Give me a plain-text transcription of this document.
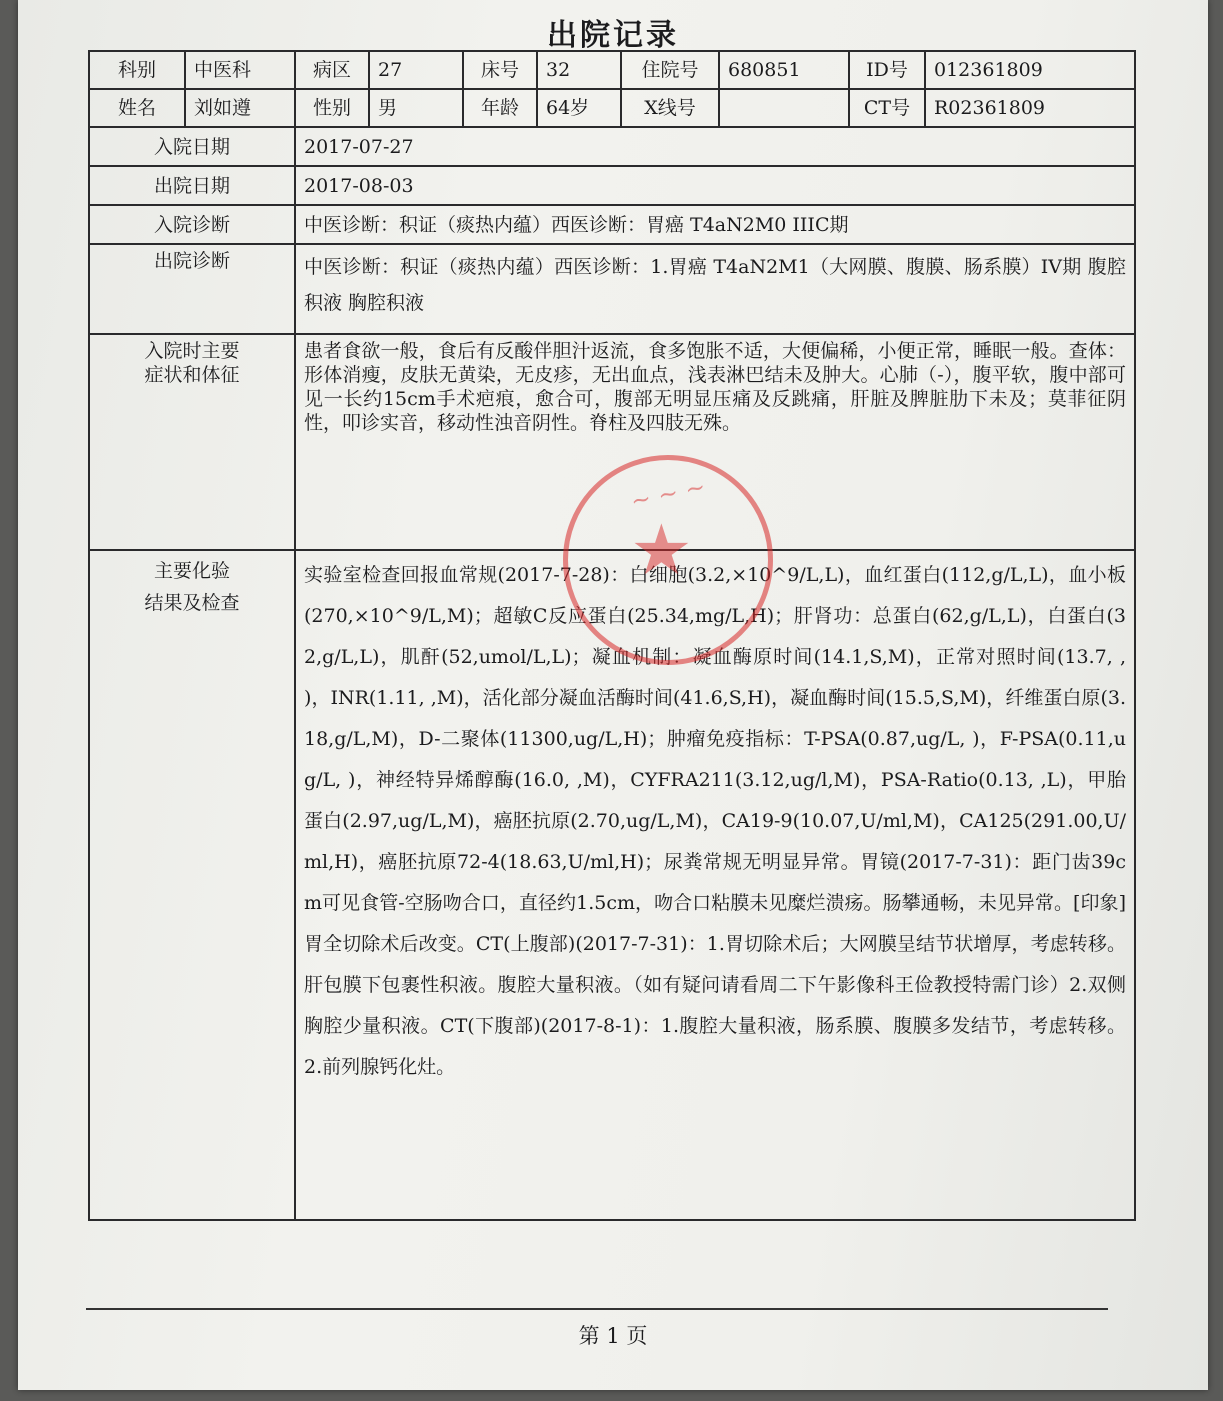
出院记录
科别	中医科	病区	27	床号	32	住院号	680851	ID号	012361809
姓名	刘如遵	性别	男	年龄	64岁	X线号		CT号	R02361809
入院日期		2017-07-27							
出院日期		2017-08-03							
入院诊断		中医诊断：积证（痰热内蕴）西医诊断：胃癌 T4aN2M0 IIIC期							
出院诊断		中医诊断：积证（痰热内蕴）西医诊断：1.胃癌 T4aN2M1（大网膜、腹膜、肠系膜）IV期 腹腔积液 胸腔积液							

入院时主要
症状和体征		患者食欲一般，食后有反酸伴胆汁返流，食多饱胀不适，大便偏稀，小便正常，睡眠一般。查体：形体消瘦，皮肤无黄染，无皮疹，无出血点，浅表淋巴结未及肿大。心肺（-），腹平软，腹中部可见一长约15cm手术疤痕，愈合可，腹部无明显压痛及反跳痛，肝脏及脾脏肋下未及；莫菲征阴性，叩诊实音，移动性浊音阴性。脊柱及四肢无殊。							

主要化验
结果及检查		实验室检查回报血常规(2017-7-28)：白细胞(3.2,×10^9/L,L)，血红蛋白(112,g/L,L)，血小板(270,×10^9/L,M)；超敏C反应蛋白(25.34,mg/L,H)；肝肾功：总蛋白(62,g/L,L)，白蛋白(32,g/L,L)，肌酐(52,umol/L,L)；凝血机制：凝血酶原时间(14.1,S,M)，正常对照时间(13.7, , )，INR(1.11, ,M)，活化部分凝血活酶时间(41.6,S,H)，凝血酶时间(15.5,S,M)，纤维蛋白原(3.18,g/L,M)，D-二聚体(11300,ug/L,H)；肿瘤免疫指标：T-PSA(0.87,ug/L, )，F-PSA(0.11,ug/L, )，神经特异烯醇酶(16.0, ,M)，CYFRA211(3.12,ug/l,M)，PSA-Ratio(0.13, ,L)，甲胎蛋白(2.97,ug/L,M)，癌胚抗原(2.70,ug/L,M)，CA19-9(10.07,U/ml,M)，CA125(291.00,U/ml,H)，癌胚抗原72-4(18.63,U/ml,H)；尿粪常规无明显异常。胃镜(2017-7-31)：距门齿39cm可见食管-空肠吻合口，直径约1.5cm，吻合口粘膜未见糜烂溃疡。肠攀通畅，未见异常。[印象]胃全切除术后改变。CT(上腹部)(2017-7-31)：1.胃切除术后；大网膜呈结节状增厚，考虑转移。肝包膜下包裹性积液。腹腔大量积液。（如有疑问请看周二下午影像科王俭教授特需门诊）2.双侧胸腔少量积液。CT(下腹部)(2017-8-1)：1.腹腔大量积液，肠系膜、腹膜多发结节，考虑转移。2.前列腺钙化灶。							
~ ~ ~
★
第 1 页
